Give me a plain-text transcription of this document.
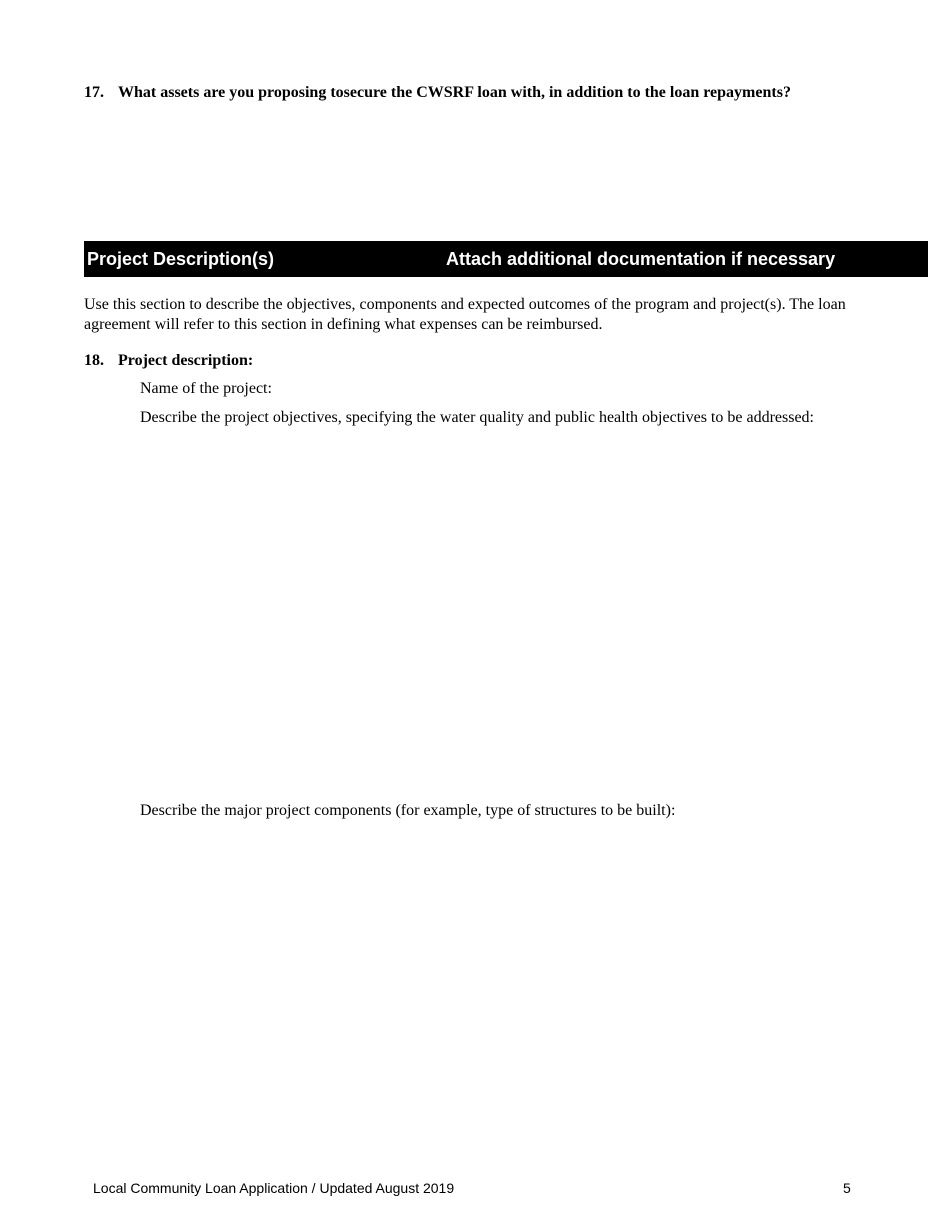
17. What assets are you proposing tosecure the CWSRF loan with, in addition to the loan repayments?
Project Description(s)	Attach additional documentation if necessary
Use this section to describe the objectives, components and expected outcomes of the program and project(s). The loan agreement will refer to this section in defining what expenses can be reimbursed.
18. Project description:
Name of the project:
Describe the project objectives, specifying the water quality and public health objectives to be addressed:
Describe the major project components (for example, type of structures to be built):
Local Community Loan Application / Updated August 2019	5
